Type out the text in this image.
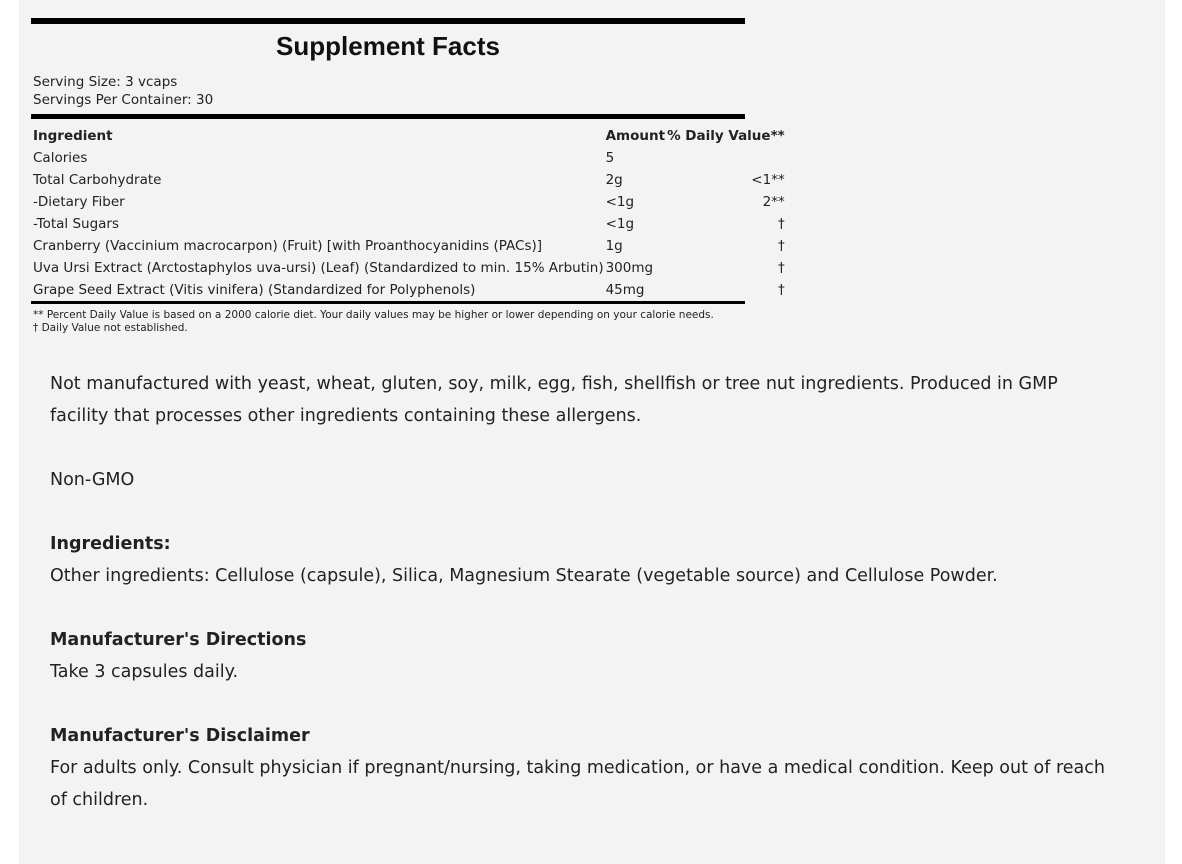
Supplement Facts
Serving Size: 3 vcaps
Servings Per Container: 30
Ingredient	Amount	% Daily Value**
Calories	5	
Total Carbohydrate	2g	<1**
-Dietary Fiber	<1g	2**
-Total Sugars	<1g	†
Cranberry (Vaccinium macrocarpon) (Fruit) [with Proanthocyanidins (PACs)]	1g	†
Uva Ursi Extract (Arctostaphylos uva-ursi) (Leaf) (Standardized to min. 15% Arbutin)	300mg	†
Grape Seed Extract (Vitis vinifera) (Standardized for Polyphenols)	45mg	†
** Percent Daily Value is based on a 2000 calorie diet. Your daily values may be higher or lower depending on your calorie needs.
† Daily Value not established.

Not manufactured with yeast, wheat, gluten, soy, milk, egg, fish, shellfish or tree nut ingredients. Produced in GMP facility that processes other ingredients containing these allergens.

Non-GMO

Ingredients:

Other ingredients: Cellulose (capsule), Silica, Magnesium Stearate (vegetable source) and Cellulose Powder.

Manufacturer's Directions

Take 3 capsules daily.

Manufacturer's Disclaimer

For adults only. Consult physician if pregnant/nursing, taking medication, or have a medical condition. Keep out of reach of children.
